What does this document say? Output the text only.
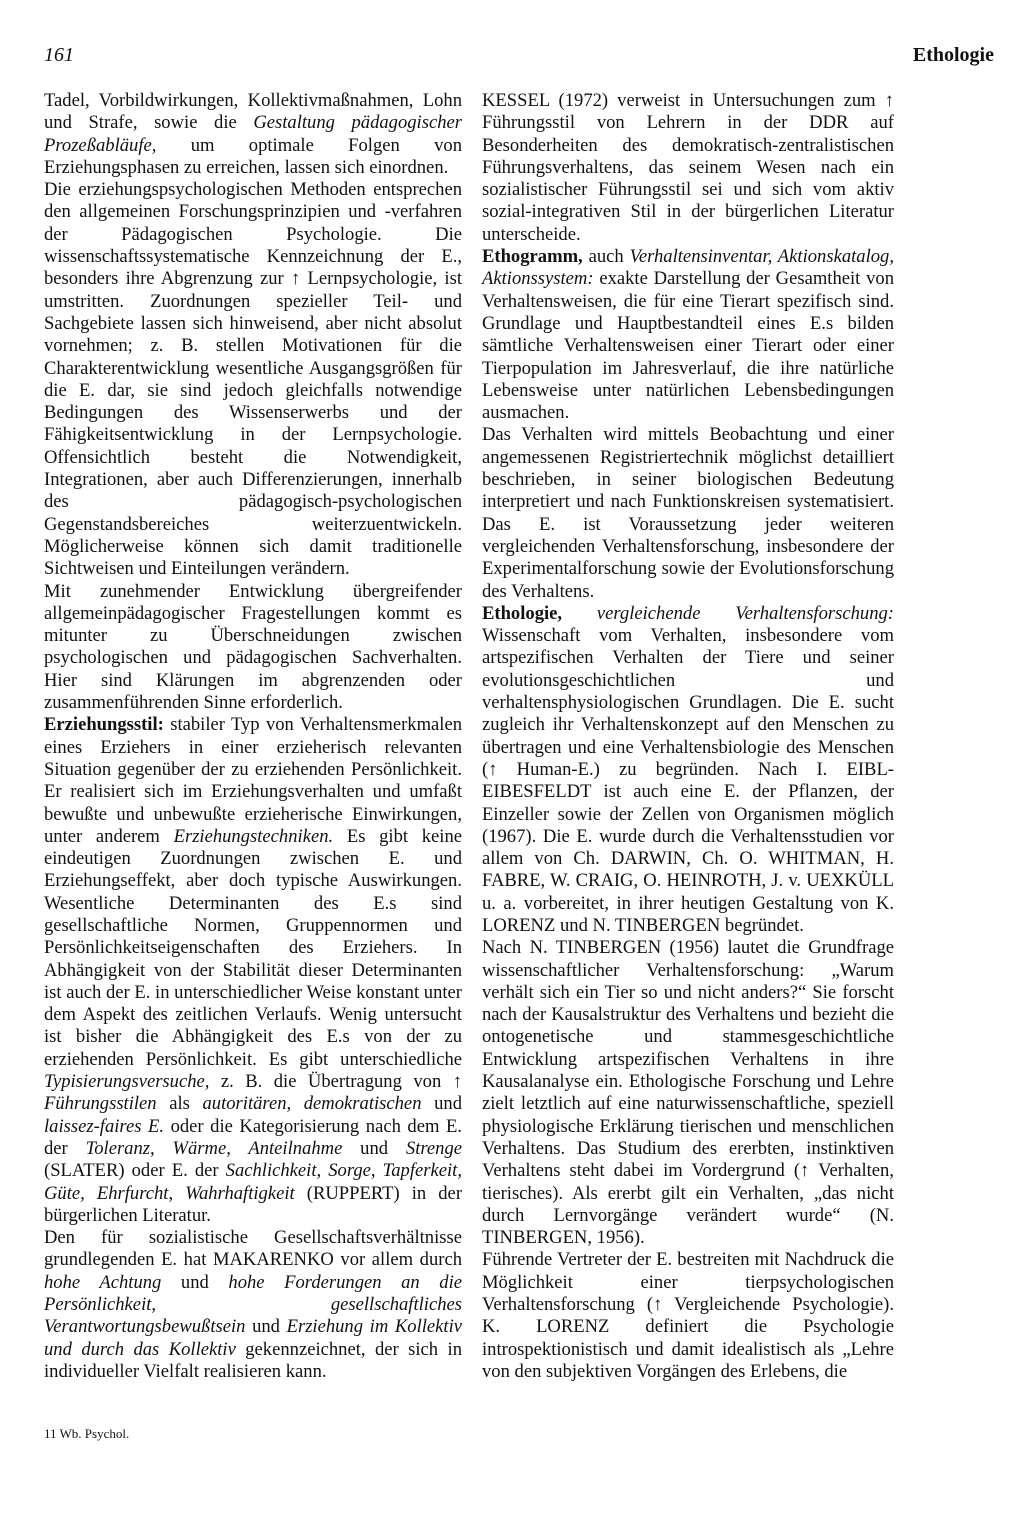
161	Ethologie

Tadel, Vorbildwirkungen, Kollektivmaßnahmen, Lohn und Strafe, sowie die Gestaltung pädagogischer Prozeßabläufe, um optimale Folgen von Erziehungsphasen zu erreichen, lassen sich einordnen.

Die erziehungspsychologischen Methoden entsprechen den allgemeinen Forschungsprinzipien und -verfahren der Pädagogischen Psychologie. Die wissenschaftssystematische Kennzeichnung der E., besonders ihre Abgrenzung zur ↑ Lernpsychologie, ist umstritten. Zuordnungen spezieller Teil- und Sachgebiete lassen sich hinweisend, aber nicht absolut vornehmen; z. B. stellen Motivationen für die Charakterentwicklung wesentliche Ausgangsgrößen für die E. dar, sie sind jedoch gleichfalls notwendige Bedingungen des Wissenserwerbs und der Fähigkeitsentwicklung in der Lernpsychologie. Offensichtlich besteht die Notwendigkeit, Integrationen, aber auch Differenzierungen, innerhalb des pädagogisch-psychologischen Gegenstandsbereiches weiterzuentwickeln. Möglicherweise können sich damit traditionelle Sichtweisen und Einteilungen verändern.

Mit zunehmender Entwicklung übergreifender allgemeinpädagogischer Fragestellungen kommt es mitunter zu Überschneidungen zwischen psychologischen und pädagogischen Sachverhalten. Hier sind Klärungen im abgrenzenden oder zusammenführenden Sinne erforderlich.

Erziehungsstil: stabiler Typ von Verhaltensmerkmalen eines Erziehers in einer erzieherisch relevanten Situation gegenüber der zu erziehenden Persönlichkeit. Er realisiert sich im Erziehungsverhalten und umfaßt bewußte und unbewußte erzieherische Einwirkungen, unter anderem Erziehungstechniken. Es gibt keine eindeutigen Zuordnungen zwischen E. und Erziehungseffekt, aber doch typische Auswirkungen. Wesentliche Determinanten des E.s sind gesellschaftliche Normen, Gruppennormen und Persönlichkeitseigenschaften des Erziehers. In Abhängigkeit von der Stabilität dieser Determinanten ist auch der E. in unterschiedlicher Weise konstant unter dem Aspekt des zeitlichen Verlaufs. Wenig untersucht ist bisher die Abhängigkeit des E.s von der zu erziehenden Persönlichkeit. Es gibt unterschiedliche Typisierungsversuche, z. B. die Übertragung von ↑ Führungsstilen als autoritären, demokratischen und laissez-faires E. oder die Kategorisierung nach dem E. der Toleranz, Wärme, Anteilnahme und Strenge (SLATER) oder E. der Sachlichkeit, Sorge, Tapferkeit, Güte, Ehrfurcht, Wahrhaftigkeit (RUPPERT) in der bürgerlichen Literatur.

Den für sozialistische Gesellschaftsverhältnisse grundlegenden E. hat MAKARENKO vor allem durch hohe Achtung und hohe Forderungen an die Persönlichkeit, gesellschaftliches Verantwortungsbewußtsein und Erziehung im Kollektiv und durch das Kollektiv gekennzeichnet, der sich in individueller Vielfalt realisieren kann.

KESSEL (1972) verweist in Untersuchungen zum ↑ Führungsstil von Lehrern in der DDR auf Besonderheiten des demokratisch-zentralistischen Führungsverhaltens, das seinem Wesen nach ein sozialistischer Führungsstil sei und sich vom aktiv sozial-integrativen Stil in der bürgerlichen Literatur unterscheide.

Ethogramm, auch Verhaltensinventar, Aktionskatalog, Aktionssystem: exakte Darstellung der Gesamtheit von Verhaltensweisen, die für eine Tierart spezifisch sind. Grundlage und Hauptbestandteil eines E.s bilden sämtliche Verhaltensweisen einer Tierart oder einer Tierpopulation im Jahresverlauf, die ihre natürliche Lebensweise unter natürlichen Lebensbedingungen ausmachen.

Das Verhalten wird mittels Beobachtung und einer angemessenen Registriertechnik möglichst detailliert beschrieben, in seiner biologischen Bedeutung interpretiert und nach Funktionskreisen systematisiert. Das E. ist Voraussetzung jeder weiteren vergleichenden Verhaltensforschung, insbesondere der Experimentalforschung sowie der Evolutionsforschung des Verhaltens.

Ethologie, vergleichende Verhaltensforschung: Wissenschaft vom Verhalten, insbesondere vom artspezifischen Verhalten der Tiere und seiner evolutionsgeschichtlichen und verhaltensphysiologischen Grundlagen. Die E. sucht zugleich ihr Verhaltenskonzept auf den Menschen zu übertragen und eine Verhaltensbiologie des Menschen (↑ Human-E.) zu begründen. Nach I. EIBL-EIBESFELDT ist auch eine E. der Pflanzen, der Einzeller sowie der Zellen von Organismen möglich (1967). Die E. wurde durch die Verhaltensstudien vor allem von Ch. DARWIN, Ch. O. WHITMAN, H. FABRE, W. CRAIG, O. HEINROTH, J. v. UEXKÜLL u. a. vorbereitet, in ihrer heutigen Gestaltung von K. LORENZ und N. TINBERGEN begründet.

Nach N. TINBERGEN (1956) lautet die Grundfrage wissenschaftlicher Verhaltensforschung: „Warum verhält sich ein Tier so und nicht anders?“ Sie forscht nach der Kausalstruktur des Verhaltens und bezieht die ontogenetische und stammesgeschichtliche Entwicklung artspezifischen Verhaltens in ihre Kausalanalyse ein. Ethologische Forschung und Lehre zielt letztlich auf eine naturwissenschaftliche, speziell physiologische Erklärung tierischen und menschlichen Verhaltens. Das Studium des ererbten, instinktiven Verhaltens steht dabei im Vordergrund (↑ Verhalten, tierisches). Als ererbt gilt ein Verhalten, „das nicht durch Lernvorgänge verändert wurde“ (N. TINBERGEN, 1956).

Führende Vertreter der E. bestreiten mit Nachdruck die Möglichkeit einer tierpsychologischen Verhaltensforschung (↑ Vergleichende Psychologie). K. LORENZ definiert die Psychologie introspektionistisch und damit idealistisch als „Lehre von den subjektiven Vorgängen des Erlebens, die

11 Wb. Psychol.
